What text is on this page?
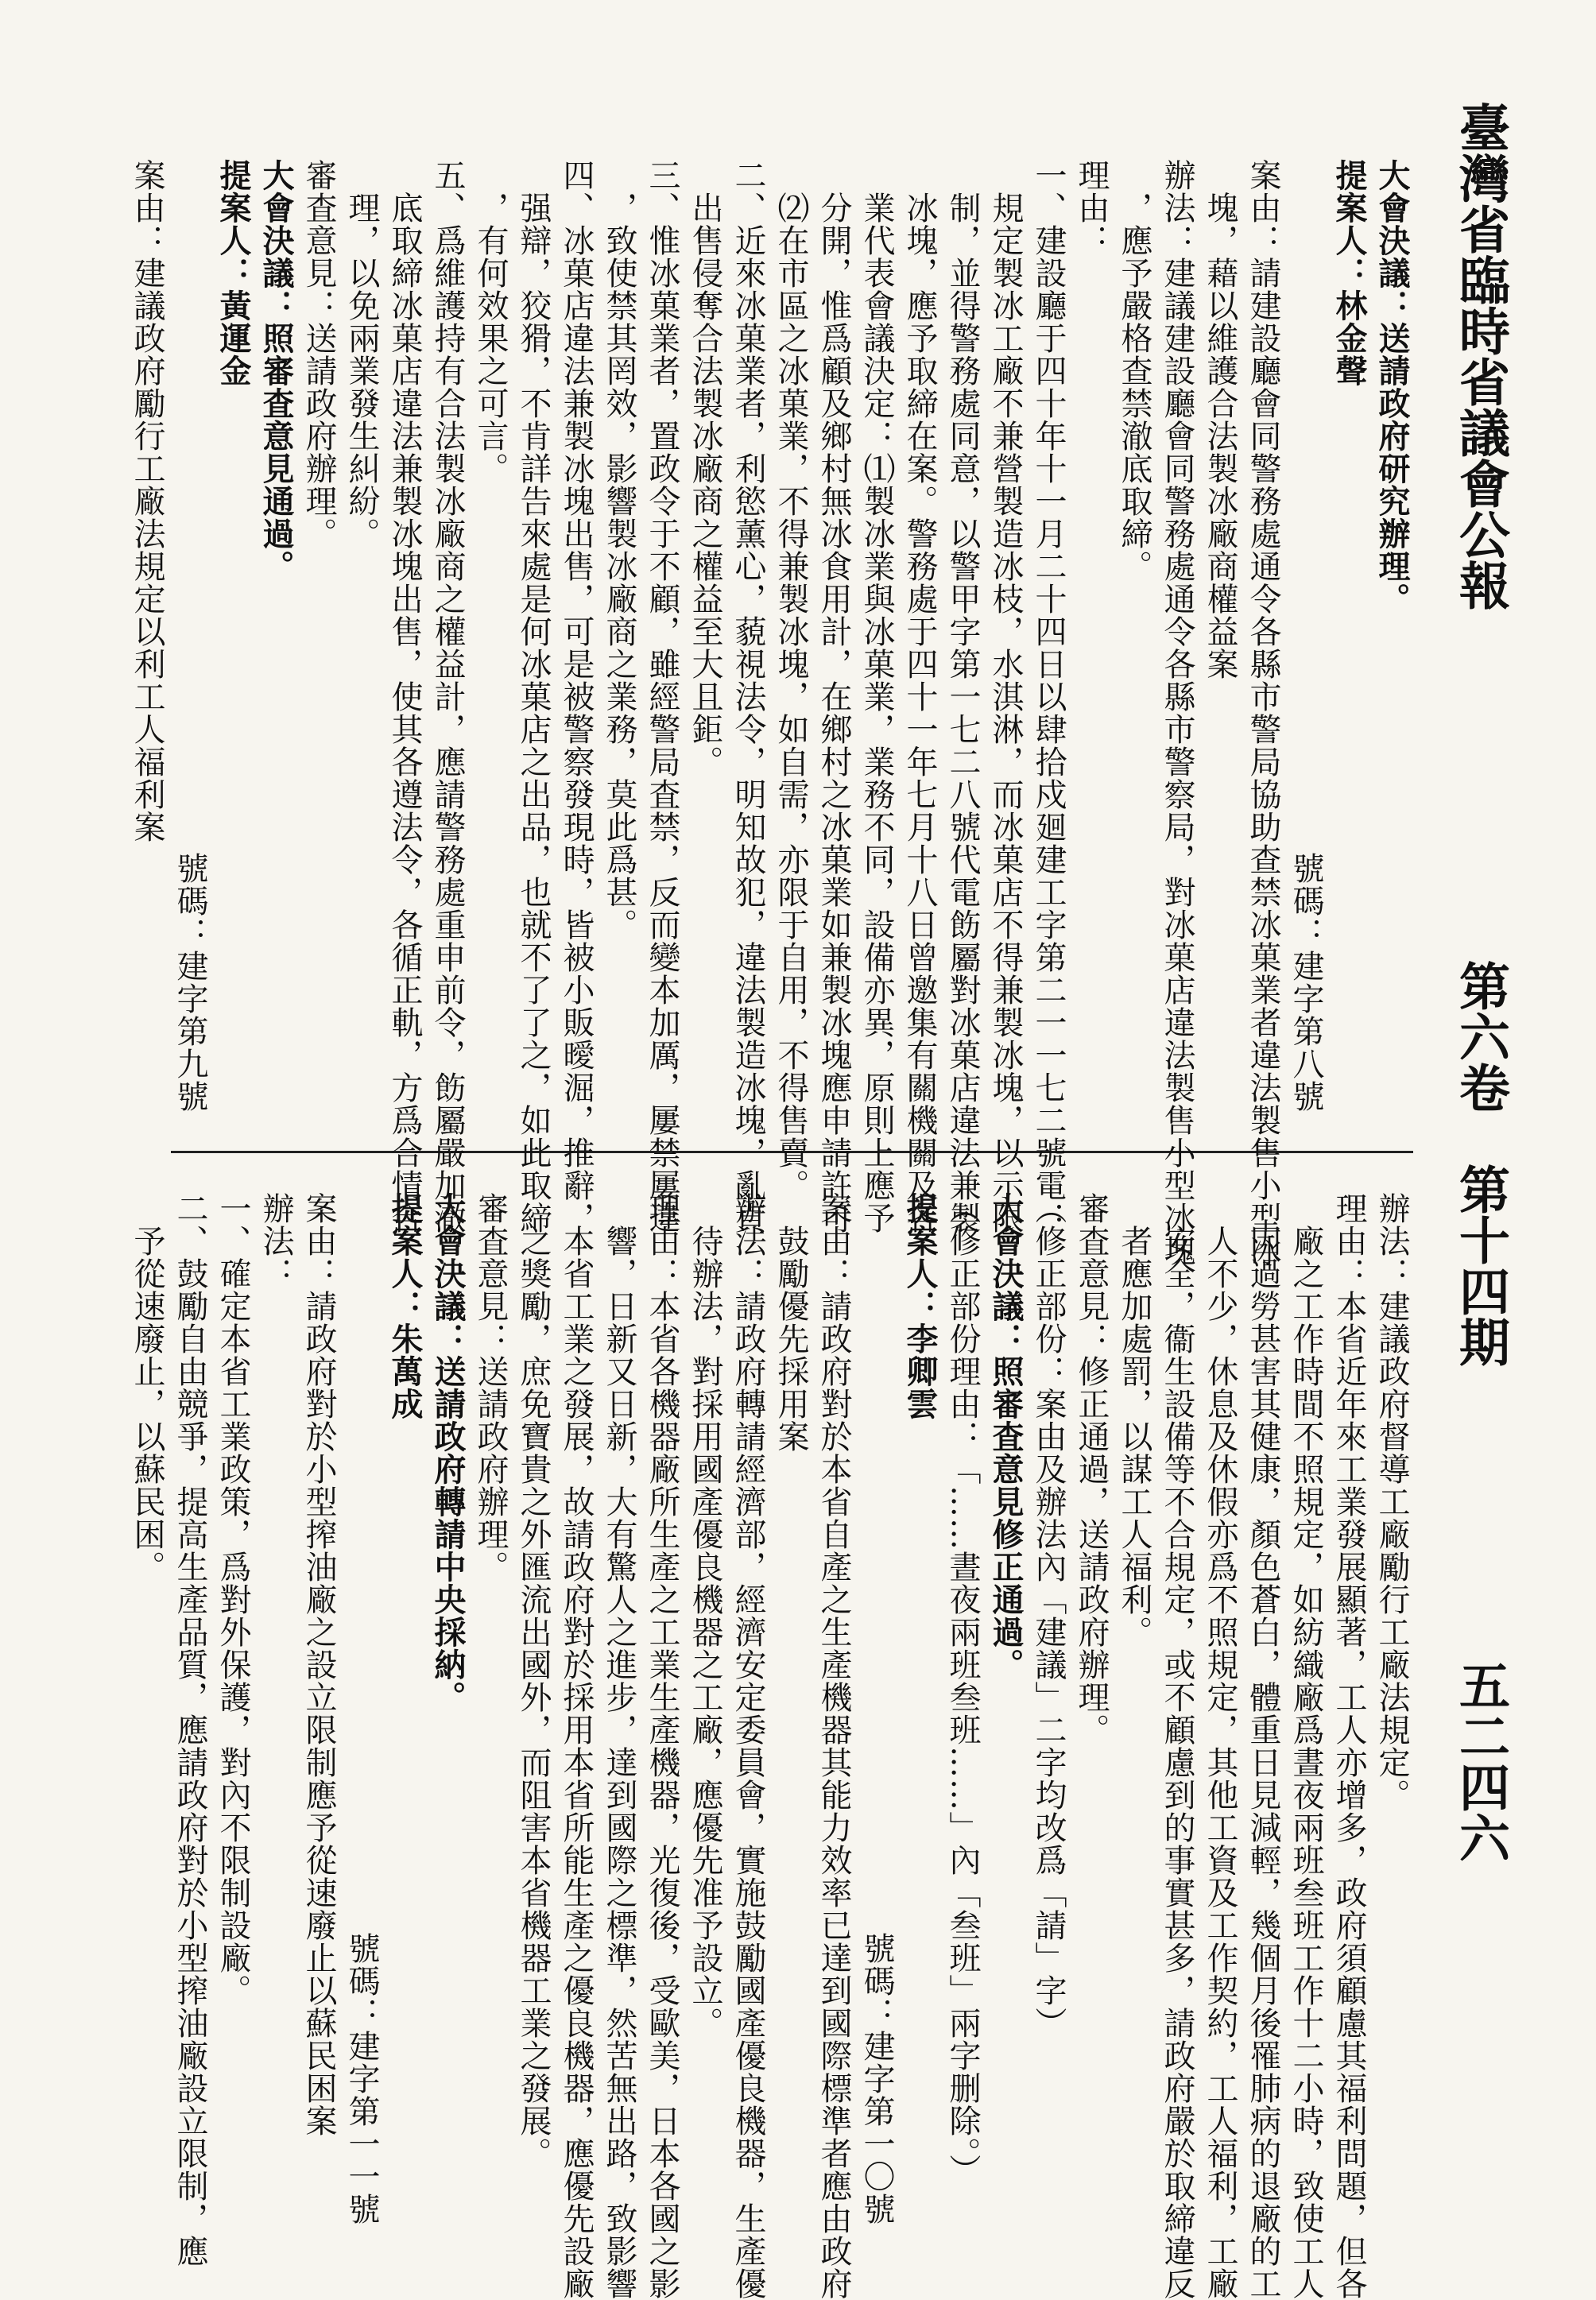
臺灣省臨時省議會公報
第六卷　第十四期
五二四六
大會決議：送請政府研究辦理。
提案人：林金聲
號碼：建字第八號
案由：請建設廳會同警務處通令各縣市警局協助查禁冰菓業者違法製售小型冰
　塊，藉以維護合法製冰廠商權益案
辦法：建議建設廳會同警務處通令各縣市警察局，對冰菓店違法製售小型冰塊
　，應予嚴格查禁澈底取締。
理由：
一、建設廳于四十年十一月二十四日以肆拾戍廻建工字第二一一七二號電：
　規定製冰工廠不兼營製造冰枝，水淇淋，而冰菓店不得兼製冰塊，以示限
　制，並得警務處同意，以警甲字第一七二八號代電飭屬對冰菓店違法兼製
　冰塊，應予取締在案。警務處于四十一年七月十八日曾邀集有關機關及各
　業代表會議決定：⑴製冰業與冰菓業，業務不同，設備亦異，原則上應予
　分開，惟爲顧及鄉村無冰食用計，在鄉村之冰菓業如兼製冰塊應申請許可
　⑵在市區之冰菓業，不得兼製冰塊，如自需，亦限于自用，不得售賣。
二、近來冰菓業者，利慾薰心，藐視法令，明知故犯，違法製造冰塊，亂貞
　出售侵奪合法製冰廠商之權益至大且鉅。
三、惟冰菓業者，置政令于不顧，雖經警局査禁，反而變本加厲，屢禁屢違
　，致使禁其罔效，影響製冰廠商之業務，莫此爲甚。
四、冰菓店違法兼製冰塊出售，可是被警察發現時，皆被小販曖淈，推辭，
　强辯，狡猾，不肯詳告來處是何冰菓店之出品，也就不了了之，如此取締
　，有何效果之可言。
五、爲維護持有合法製冰廠商之權益計，應請警務處重申前令，飭屬嚴加澈
　底取締冰菓店違法兼製冰塊出售，使其各遵法令，各循正軌，方爲合情合
　理，以免兩業發生糾紛。
審査意見：送請政府辦理。
大會決議：照審査意見通過。
提案人：黃運金
號碼：建字第九號
案由：建議政府勵行工廠法規定以利工人福利案
辦法：建議政府督導工廠勵行工廠法規定。
理由：本省近年來工業發展顯著，工人亦增多，政府須顧慮其福利問題，但各
　廠之工作時間不照規定，如紡織廠爲晝夜兩班叁班工作十二小時，致使工人
　因過勞甚害其健康，顏色蒼白，體重日見減輕，幾個月後罹肺病的退廠的工
　人不少，休息及休假亦爲不照規定，其他工資及工作契約，工人福利，工廠
　安全，衞生設備等不合規定，或不顧慮到的事實甚多，請政府嚴於取締違反
　者應加處罰，以謀工人福利。
審査意見：修正通過，送請政府辦理。
（修正部份：案由及辦法內「建議」二字均改爲「請」字）
大會決議：照審査意見修正通過。
（修正部份理由：「……晝夜兩班叁班……」內「叁班」兩字删除。）
提案人：李卿雲
號碼：建字第一〇號
案由：請政府對於本省自產之生產機器其能力效率已達到國際標準者應由政府
　鼓勵優先採用案
辦法：請政府轉請經濟部，經濟安定委員會，實施鼓勵國產優良機器，生產優
　待辦法，對採用國產優良機器之工廠，應優先准予設立。
理由：本省各機器廠所生產之工業生產機器，光復後，受歐美，日本各國之影
　響，日新又日新，大有驚人之進步，達到國際之標準，然苦無出路，致影響
　本省工業之發展，故請政府對於採用本省所能生產之優良機器，應優先設廠
　之獎勵，庶免寶貴之外匯流出國外，而阻害本省機器工業之發展。
審査意見：送請政府辦理。
大會決議：送請政府轉請中央採納。
提案人：朱萬成
號碼：建字第一一號
案由：請政府對於小型搾油廠之設立限制應予從速廢止以蘇民困案
辦法：
一、確定本省工業政策，爲對外保護，對內不限制設廠。
二、鼓勵自由競爭，提高生產品質，應請政府對於小型搾油廠設立限制，應
　予從速廢止，以蘇民困。
